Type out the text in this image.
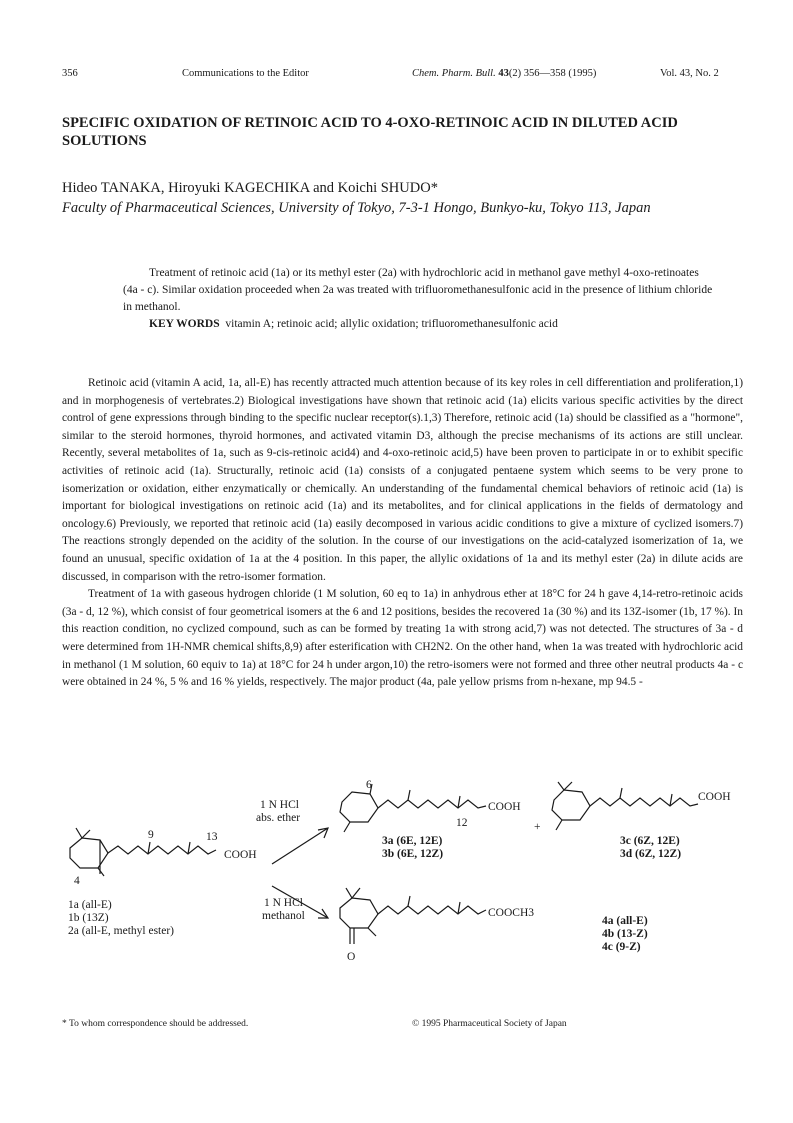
356	Communications to the Editor	Chem. Pharm. Bull. 43(2) 356—358 (1995)	Vol. 43, No. 2
SPECIFIC OXIDATION OF RETINOIC ACID TO 4-OXO-RETINOIC ACID IN DILUTED ACID SOLUTIONS
Hideo TANAKA, Hiroyuki KAGECHIKA and Koichi SHUDO*
Faculty of Pharmaceutical Sciences, University of Tokyo, 7-3-1 Hongo, Bunkyo-ku, Tokyo 113, Japan

Treatment of retinoic acid (1a) or its methyl ester (2a) with hydrochloric acid in methanol gave methyl 4-oxo-retinoates (4a - c). Similar oxidation proceeded when 2a was treated with trifluoromethanesulfonic acid in the presence of lithium chloride in methanol.

KEY WORDS vitamin A; retinoic acid; allylic oxidation; trifluoromethanesulfonic acid

Retinoic acid (vitamin A acid, 1a, all-E) has recently attracted much attention because of its key roles in cell differentiation and proliferation,1) and in morphogenesis of vertebrates.2) Biological investigations have shown that retinoic acid (1a) elicits various specific activities by the direct control of gene expressions through binding to the specific nuclear receptor(s).1,3) Therefore, retinoic acid (1a) should be classified as a "hormone", similar to the steroid hormones, thyroid hormones, and activated vitamin D3, although the precise mechanisms of its actions are still unclear. Recently, several metabolites of 1a, such as 9-cis-retinoic acid4) and 4-oxo-retinoic acid,5) have been proven to participate in or to exhibit specific activities of retinoic acid (1a). Structurally, retinoic acid (1a) consists of a conjugated pentaene system which seems to be very prone to isomerization or oxidation, either enzymatically or chemically. An understanding of the fundamental chemical behaviors of retinoic acid (1a) is important for biological investigations on retinoic acid (1a) and its metabolites, and for clinical applications in the fields of dermatology and oncology.6) Previously, we reported that retinoic acid (1a) easily decomposed in various acidic conditions to give a mixture of cyclized isomers.7) The reactions strongly depended on the acidity of the solution. In the course of our investigations on the acid-catalyzed isomerization of 1a, we found an unusual, specific oxidation of 1a at the 4 position. In this paper, the allylic oxidations of 1a and its methyl ester (2a) in dilute acids are discussed, in comparison with the retro-isomer formation.

Treatment of 1a with gaseous hydrogen chloride (1 M solution, 60 eq to 1a) in anhydrous ether at 18°C for 24 h gave 4,14-retro-retinoic acids (3a - d, 12 %), which consist of four geometrical isomers at the 6 and 12 positions, besides the recovered 1a (30 %) and its 13Z-isomer (1b, 17 %). In this reaction condition, no cyclized compound, such as can be formed by treating 1a with strong acid,7) was not detected. The structures of 3a - d were determined from 1H-NMR chemical shifts,8,9) after esterification with CH2N2. On the other hand, when 1a was treated with hydrochloric acid in methanol (1 M solution, 60 equiv to 1a) at 18°C for 24 h under argon,10) the retro-isomers were not formed and three other neutral products 4a - c were obtained in 24 %, 5 % and 16 % yields, respectively. The major product (4a, pale yellow prisms from n-hexane, mp 94.5 -

COOH
9	13
4
1a (all-E)
1b (13Z)
2a (all-E, methyl ester)
1 N HCl
abs. ether
1 N HCl
methanol
COOH
6
12
3a (6E, 12E)
3b (6E, 12Z)
+
COOH
3c (6Z, 12E)
3d (6Z, 12Z)
COOCH3
O
4a (all-E)
4b (13-Z)
4c (9-Z)
* To whom correspondence should be addressed.	© 1995 Pharmaceutical Society of Japan
